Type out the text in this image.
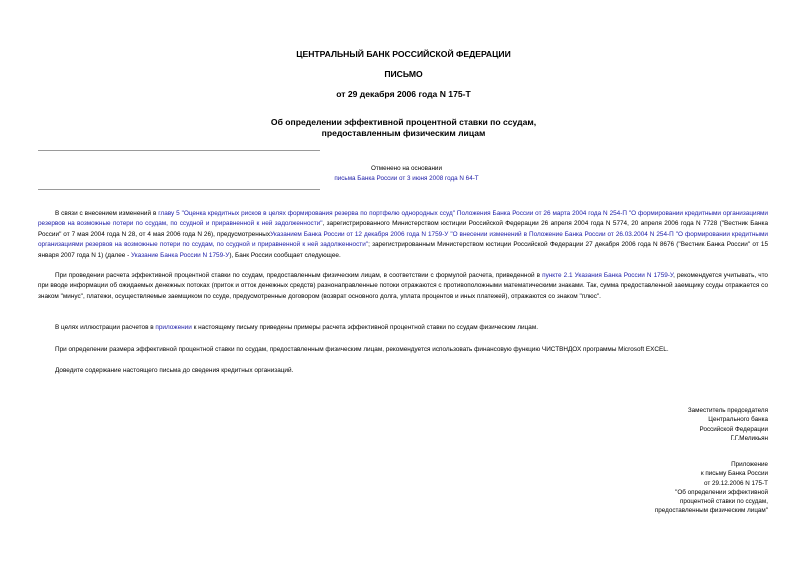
ЦЕНТРАЛЬНЫЙ БАНК РОССИЙСКОЙ ФЕДЕРАЦИИ
ПИСЬМО
от 29 декабря 2006 года N 175-Т
Об определении эффективной процентной ставки по ссудам,
предоставленным физическим лицам
Отменено на основании
письма Банка России от 3 июня 2008 года N 64-Т

В связи с внесением изменений в главу 5 "Оценка кредитных рисков в целях формирования резерва по портфелю однородных ссуд" Положения Банка России от 26 марта 2004 года N 254-П "О формировании кредитными организациями резервов на возможные потери по ссудам, по ссудной и приравненной к ней задолженности", зарегистрированного Министерством юстиции Российской Федерации 26 апреля 2004 года N 5774, 20 апреля 2006 года N 7728 ("Вестник Банка России" от 7 мая 2004 года N 28, от 4 мая 2006 года N 26), предусмотренныхУказанием Банка России от 12 декабря 2006 года N 1759-У "О внесении изменений в Положение Банка России от 26.03.2004 N 254-П "О формировании кредитными организациями резервов на возможные потери по ссудам, по ссудной и приравненной к ней задолженности"; зарегистрированным Министерством юстиции Российской Федерации 27 декабря 2006 года N 8676 ("Вестник Банка России" от 15 января 2007 года N 1) (далее - Указание Банка России N 1759-У), Банк России сообщает следующее.

При проведении расчета эффективной процентной ставки по ссудам, предоставленным физическим лицам, в соответствии с формулой расчета, приведенной в пункте 2.1 Указания Банка России N 1759-У, рекомендуется учитывать, что при вводе информации об ожидаемых денежных потоках (приток и отток денежных средств) разнонаправленные потоки отражаются с противоположными математическими знаками. Так, сумма предоставленной заемщику ссуды отражается со знаком "минус", платежи, осуществляемые заемщиком по ссуде, предусмотренные договором (возврат основного долга, уплата процентов и иных платежей), отражаются со знаком "плюс".

В целях иллюстрации расчетов в приложении к настоящему письму приведены примеры расчета эффективной процентной ставки по ссудам физическим лицам.

При определении размера эффективной процентной ставки по ссудам, предоставленным физическим лицам, рекомендуется использовать финансовую функцию ЧИСТВНДОХ программы Microsoft EXCEL.

Доведите содержание настоящего письма до сведения кредитных организаций.

Заместитель председателя
Центрального банка
Российской Федерации
Г.Г.Меликьян
Приложение
к письму Банка России
от 29.12.2006 N 175-Т
"Об определении эффективной
процентной ставки по ссудам,
предоставленным физическим лицам"
